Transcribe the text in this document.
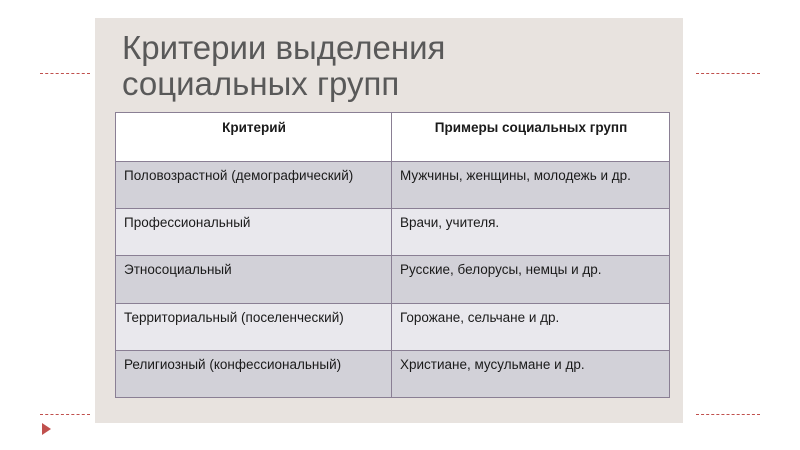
Критерии выделения
социальных групп
Критерий	Примеры социальных групп
Половозрастной (демографический)	Мужчины, женщины, молодежь и др.
Профессиональный	Врачи, учителя.
Этносоциальный	Русские, белорусы, немцы и др.
Территориальный (поселенческий)	Горожане, сельчане и др.
Религиозный (конфессиональный)	Христиане, мусульмане и др.
